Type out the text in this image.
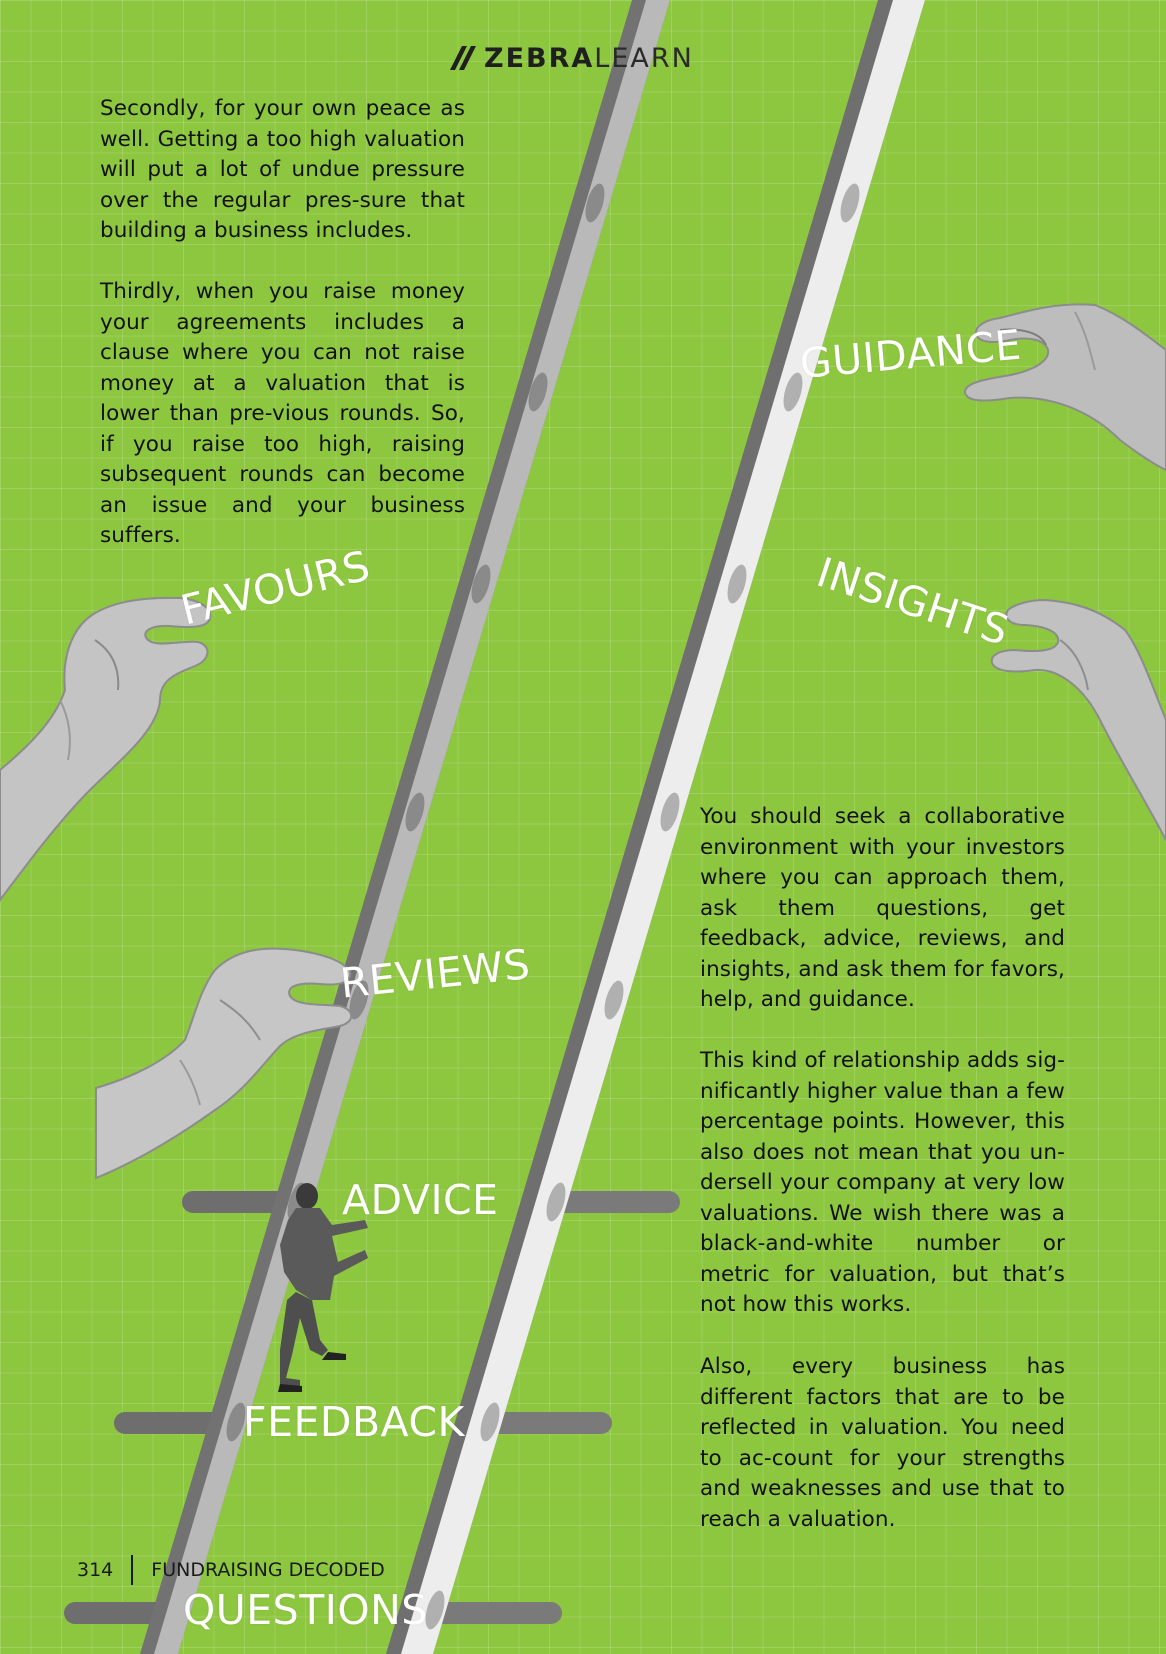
ZEBRALEARN

Secondly, for your own peace as well. Getting a too high valuation will put a lot of undue pressure over the regular pres-sure that building a business includes.

Thirdly, when you raise money your agreements includes a clause where you can not raise money at a valuation that is lower than pre-vious rounds. So, if you raise too high, raising subsequent rounds can become an issue and your business suffers.

You should seek a collaborative environment with your investors where you can approach them, ask them questions, get feedback, advice, reviews, and insights, and ask them for favors, help, and guidance.

This kind of relationship adds sig-nificantly higher value than a few percentage points. However, this also does not mean that you un-dersell your company at very low valuations. We wish there was a black-and-white number or metric for valuation, but that’s not how this works.

Also, every business has different factors that are to be reflected in valuation. You need to ac-count for your strengths and weaknesses and use that to reach a valuation.

GUIDANCE
FAVOURS	INSIGHTS
REVIEWS
ADVICE
FEEDBACK
QUESTIONS
314 FUNDRAISING DECODED
